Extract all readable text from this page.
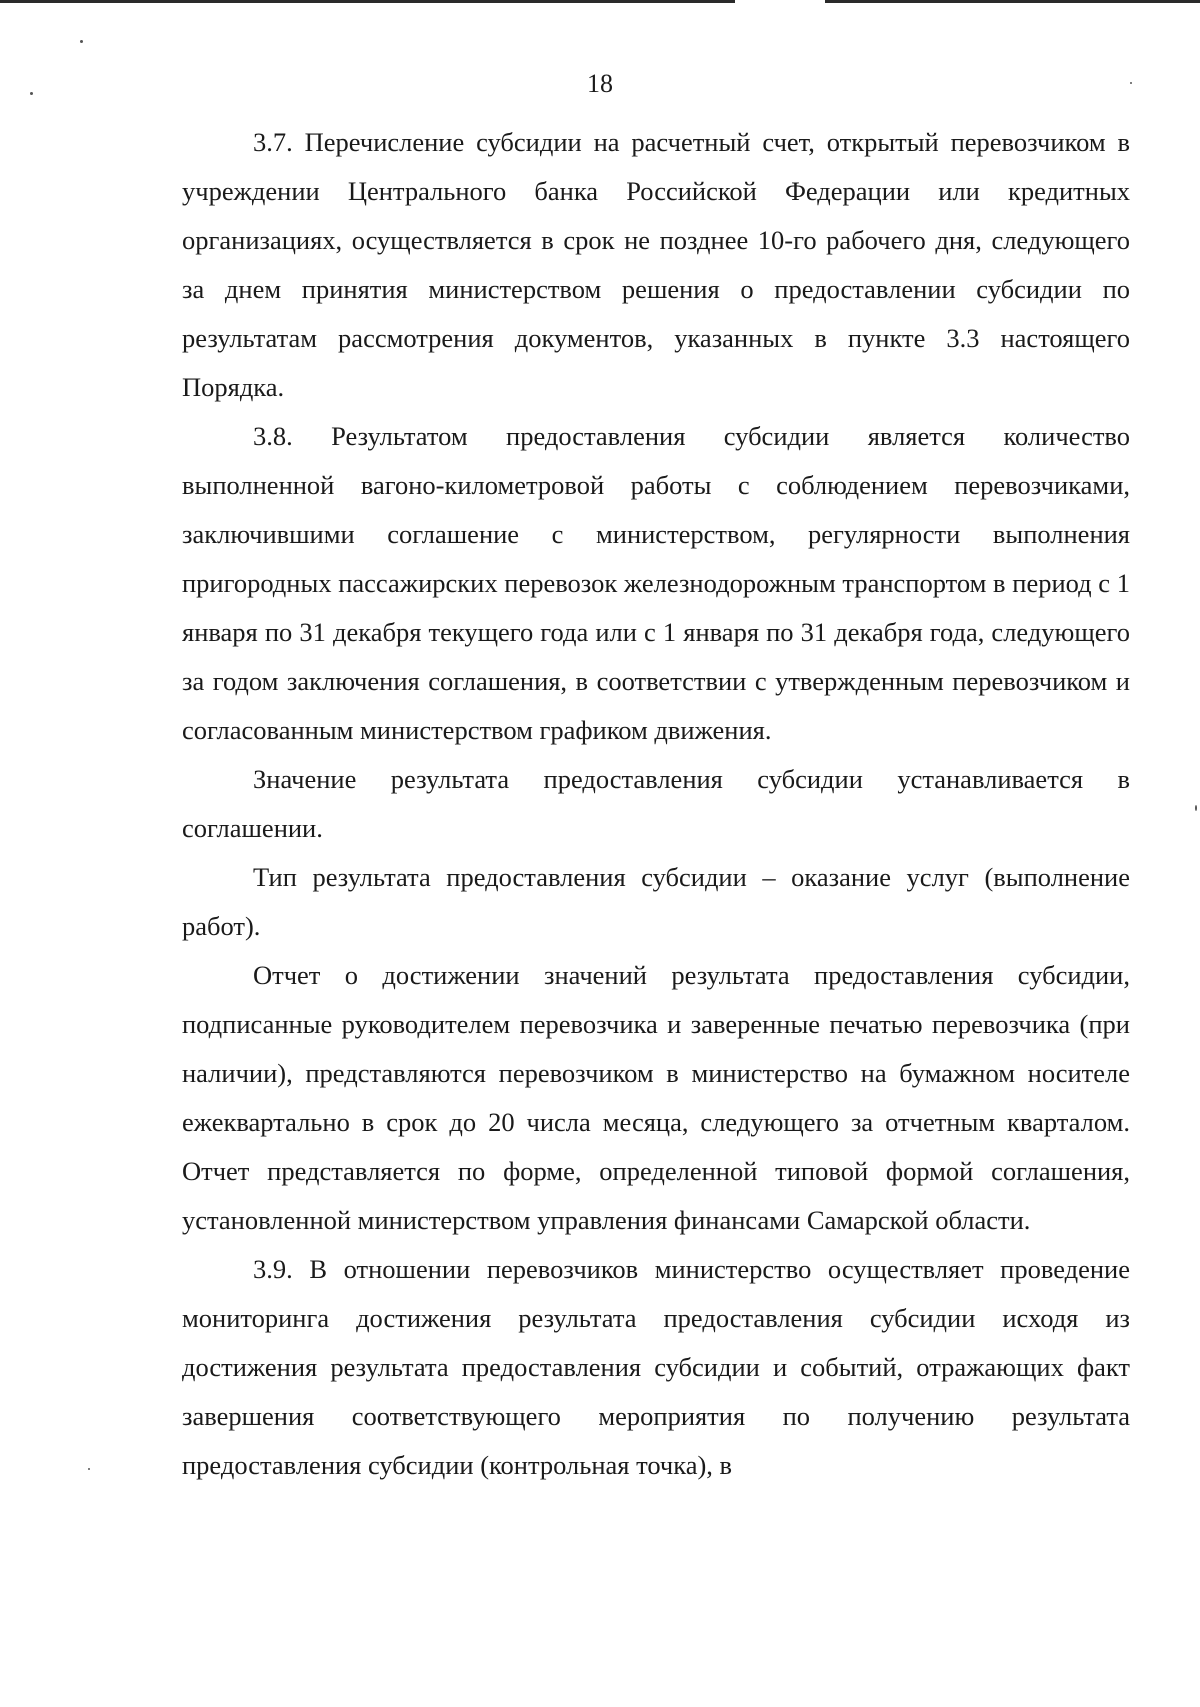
18

3.7. Перечисление субсидии на расчетный счет, открытый перевозчиком в учреждении Центрального банка Российской Федерации или кредитных организациях, осуществляется в срок не позднее 10-го рабочего дня, следующего за днем принятия министерством решения о предоставлении субсидии по результатам рассмотрения документов, указанных в пункте 3.3 настоящего Порядка.

3.8. Результатом предоставления субсидии является количество выполненной вагоно-километровой работы с соблюдением перевозчиками, заключившими соглашение с министерством, регулярности выполнения пригородных пассажирских перевозок железнодорожным транспортом в период с 1 января по 31 декабря текущего года или с 1 января по 31 декабря года, следующего за годом заключения соглашения, в соответствии с утвержденным перевозчиком и согласованным министерством графиком движения.

Значение результата предоставления субсидии устанавливается в соглашении.

Тип результата предоставления субсидии – оказание услуг (выполнение работ).

Отчет о достижении значений результата предоставления субсидии, подписанные руководителем перевозчика и заверенные печатью перевозчика (при наличии), представляются перевозчиком в министерство на бумажном носителе ежеквартально в срок до 20 числа месяца, следующего за отчетным кварталом. Отчет представляется по форме, определенной типовой формой соглашения, установленной министерством управления финансами Самарской области.

3.9. В отношении перевозчиков министерство осуществляет проведение мониторинга достижения результата предоставления субсидии исходя из достижения результата предоставления субсидии и событий, отражающих факт завершения соответствующего мероприятия по получению результата предоставления субсидии (контрольная точка), в
